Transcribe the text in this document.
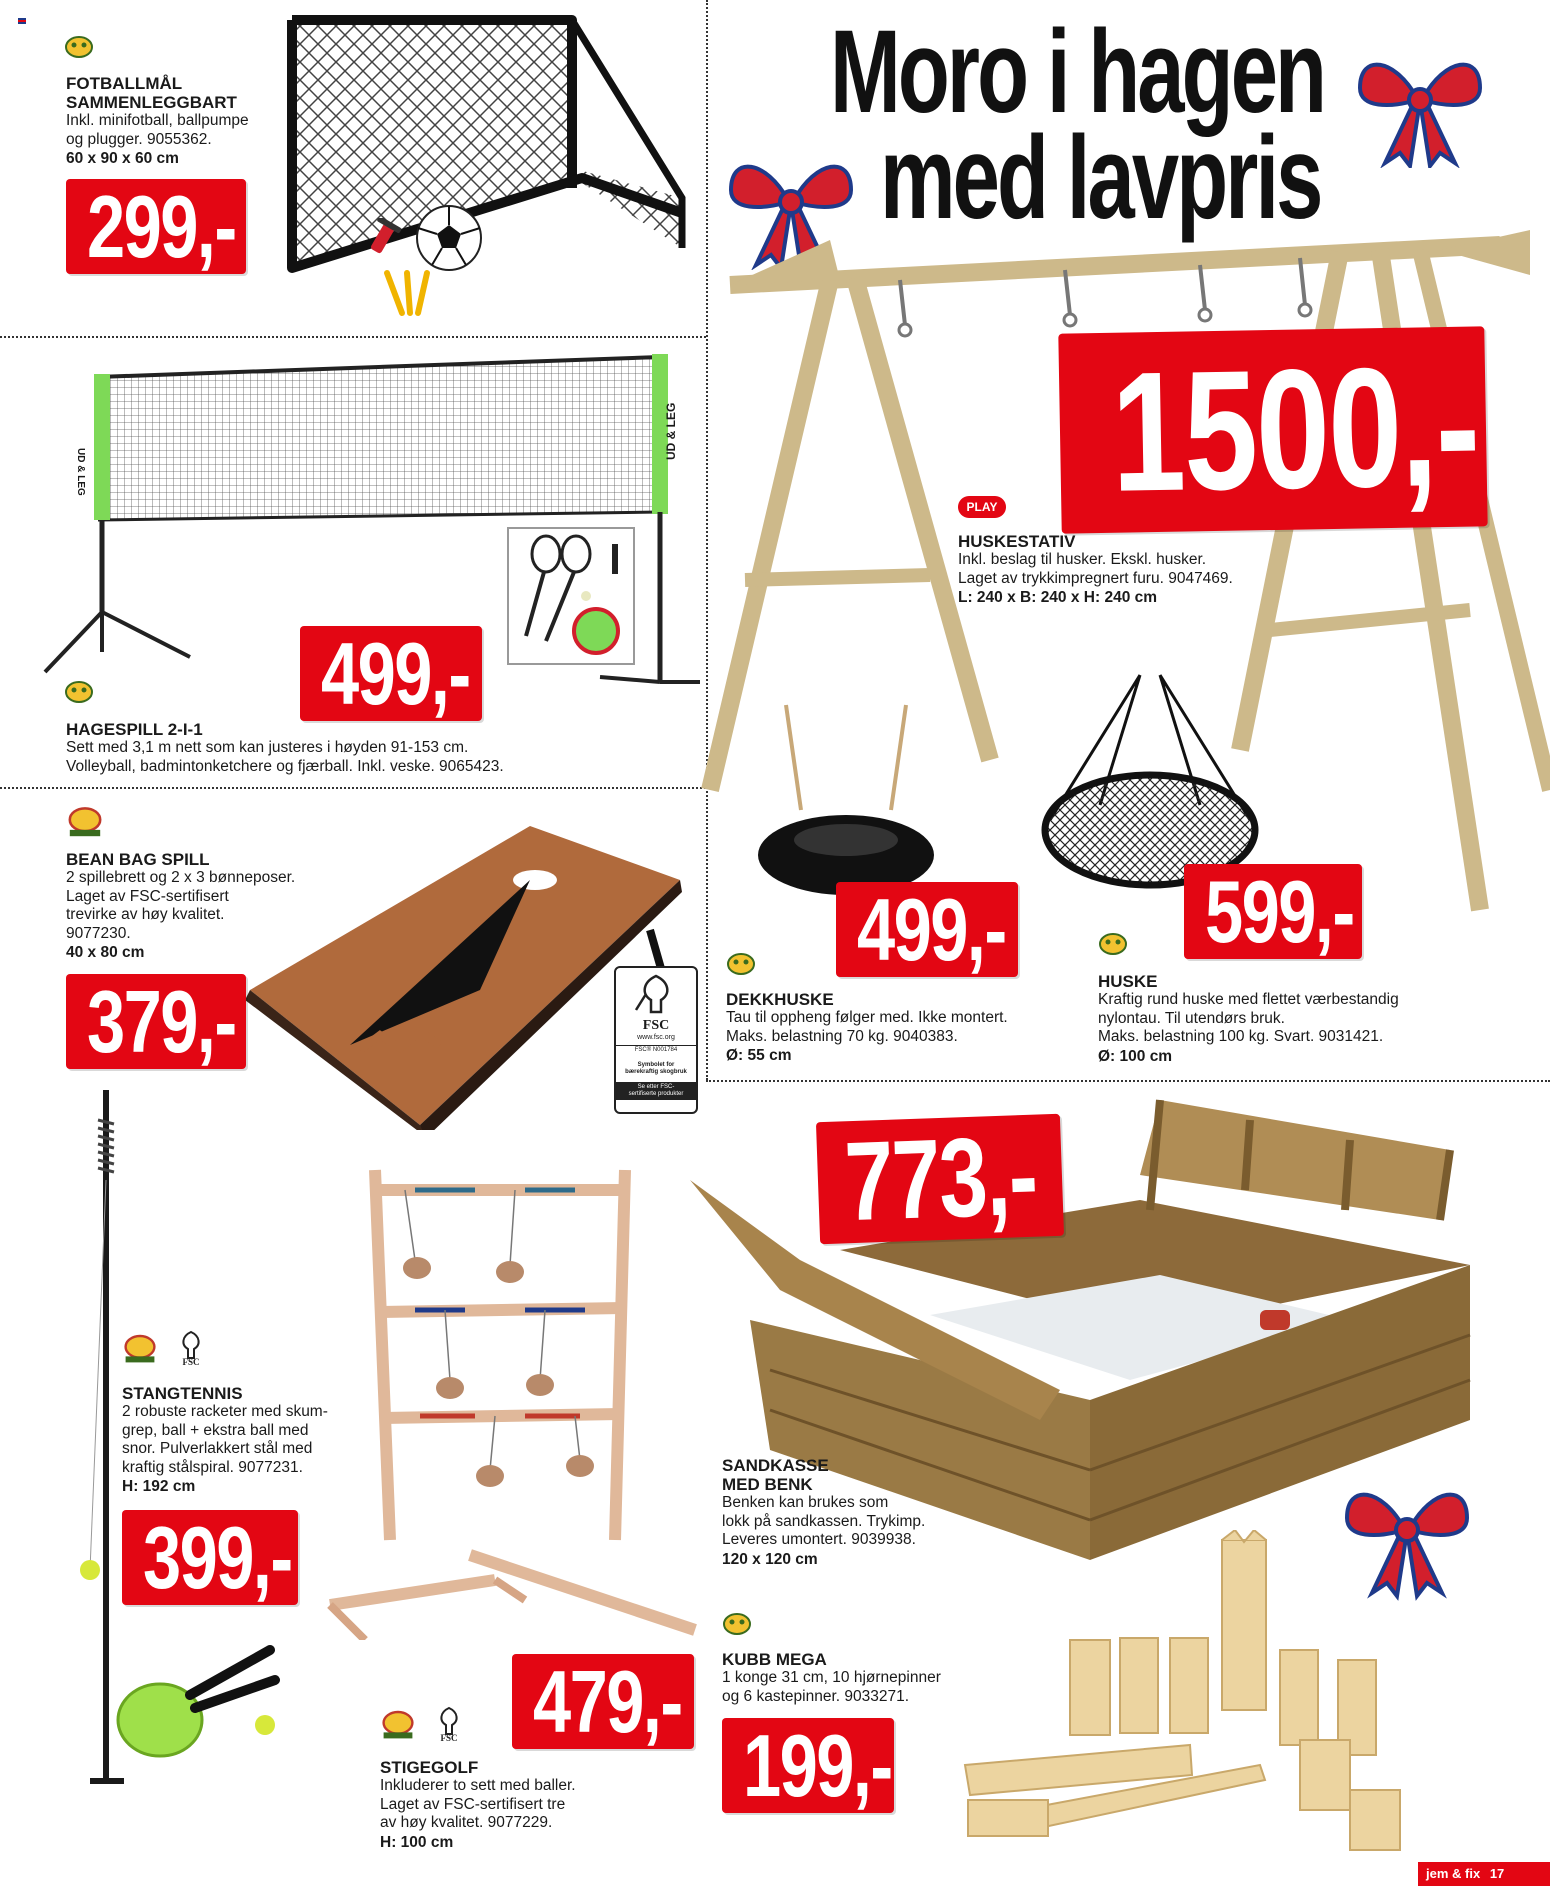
Moro i hagen
med lavpris
FOTBALLMÅL
SAMMENLEGGBART
Inkl. minifotball, ballpumpe
og plugger. 9055362.
60 x 90 x 60 cm
299,-
UD & LEG
UD & LEG
499,-
HAGESPILL 2-I-1
Sett med 3,1 m nett som kan justeres i høyden 91-153 cm.
Volleyball, badmintonketchere og fjærball. Inkl. veske. 9065423.
BEAN BAG SPILL
2 spillebrett og 2 x 3 bønneposer.
Laget av FSC-sertifisert
trevirke av høy kvalitet.
9077230.
40 x 80 cm
379,-	FSC
www.fsc.org
FSC® N001784
Symbolet for
bærekraftig skogbruk
Se etter FSC-
sertifiserte produkter
FSC
STANGTENNIS
2 robuste racketer med skum-
grep, ball + ekstra ball med
snor. Pulverlakkert stål med
kraftig stålspiral. 9077231.
H: 192 cm
399,-
479,-
FSC
STIGEGOLF
Inkluderer to sett med baller.
Laget av FSC-sertifisert tre
av høy kvalitet. 9077229.
H: 100 cm
1500,-
PLAY
HUSKESTATIV
Inkl. beslag til husker. Ekskl. husker.
Laget av trykkimpregnert furu. 9047469.
L: 240 x B: 240 x H: 240 cm
499,-
DEKKHUSKE
Tau til oppheng følger med. Ikke montert.
Maks. belastning 70 kg. 9040383.
Ø: 55 cm
599,-
HUSKE
Kraftig rund huske med flettet værbestandig
nylontau. Til utendørs bruk.
Maks. belastning 100 kg. Svart. 9031421.
Ø: 100 cm
773,-
SANDKASSE
MED BENK
Benken kan brukes som
lokk på sandkassen. Trykimp.
Leveres umontert. 9039938.
120 x 120 cm
KUBB MEGA
1 konge 31 cm, 10 hjørnepinner
og 6 kastepinner. 9033271.
199,-
jem & fix 17
